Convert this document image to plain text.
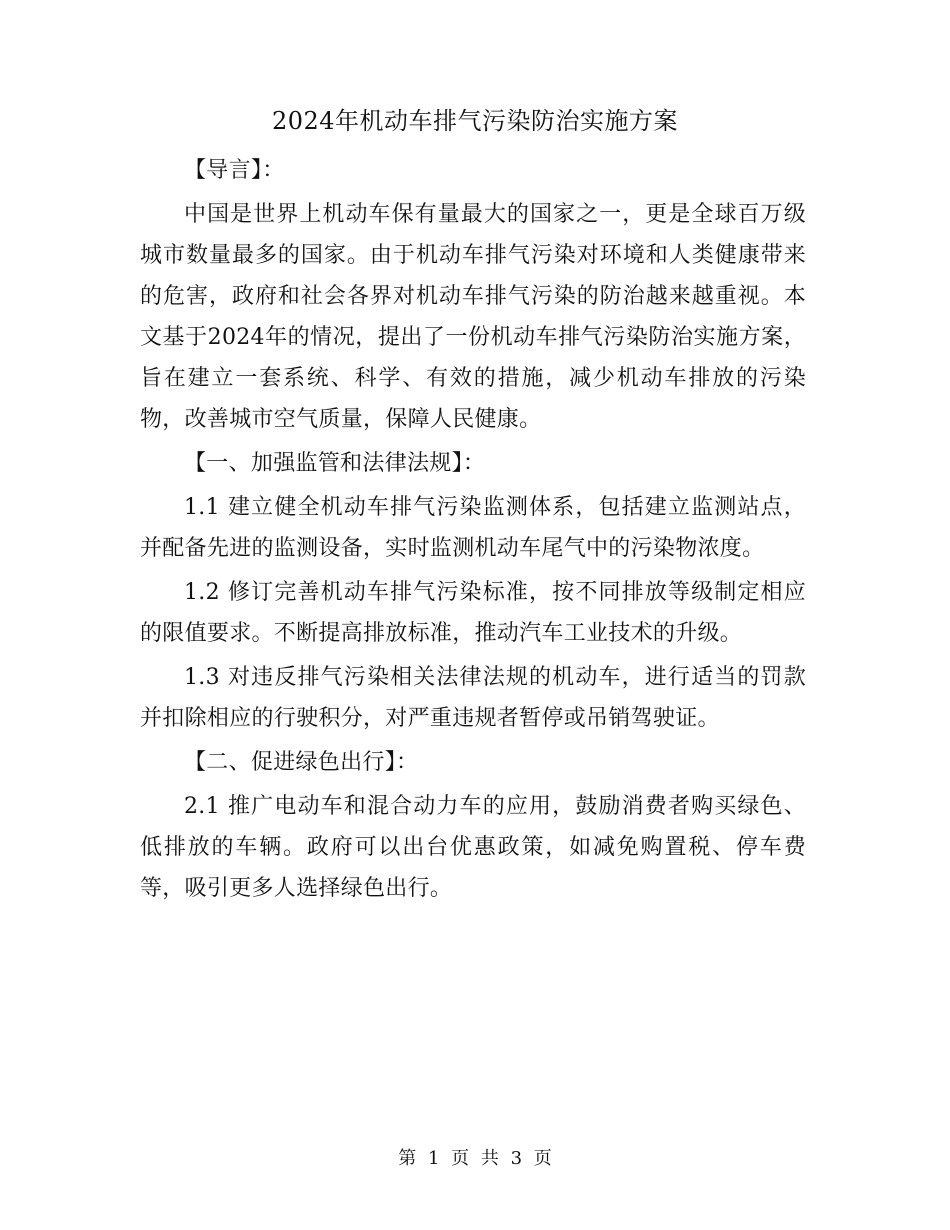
2024年机动车排气污染防治实施方案

【导言】：

中国是世界上机动车保有量最大的国家之一，更是全球百万级城市数量最多的国家。由于机动车排气污染对环境和人类健康带来的危害，政府和社会各界对机动车排气污染的防治越来越重视。本文基于2024年的情况，提出了一份机动车排气污染防治实施方案，旨在建立一套系统、科学、有效的措施，减少机动车排放的污染物，改善城市空气质量，保障人民健康。

【一、加强监管和法律法规】：

1.1 建立健全机动车排气污染监测体系，包括建立监测站点，并配备先进的监测设备，实时监测机动车尾气中的污染物浓度。

1.2 修订完善机动车排气污染标准，按不同排放等级制定相应的限值要求。不断提高排放标准，推动汽车工业技术的升级。

1.3 对违反排气污染相关法律法规的机动车，进行适当的罚款并扣除相应的行驶积分，对严重违规者暂停或吊销驾驶证。

【二、促进绿色出行】：

2.1 推广电动车和混合动力车的应用，鼓励消费者购买绿色、低排放的车辆。政府可以出台优惠政策，如减免购置税、停车费等，吸引更多人选择绿色出行。

第 1 页 共 3 页
